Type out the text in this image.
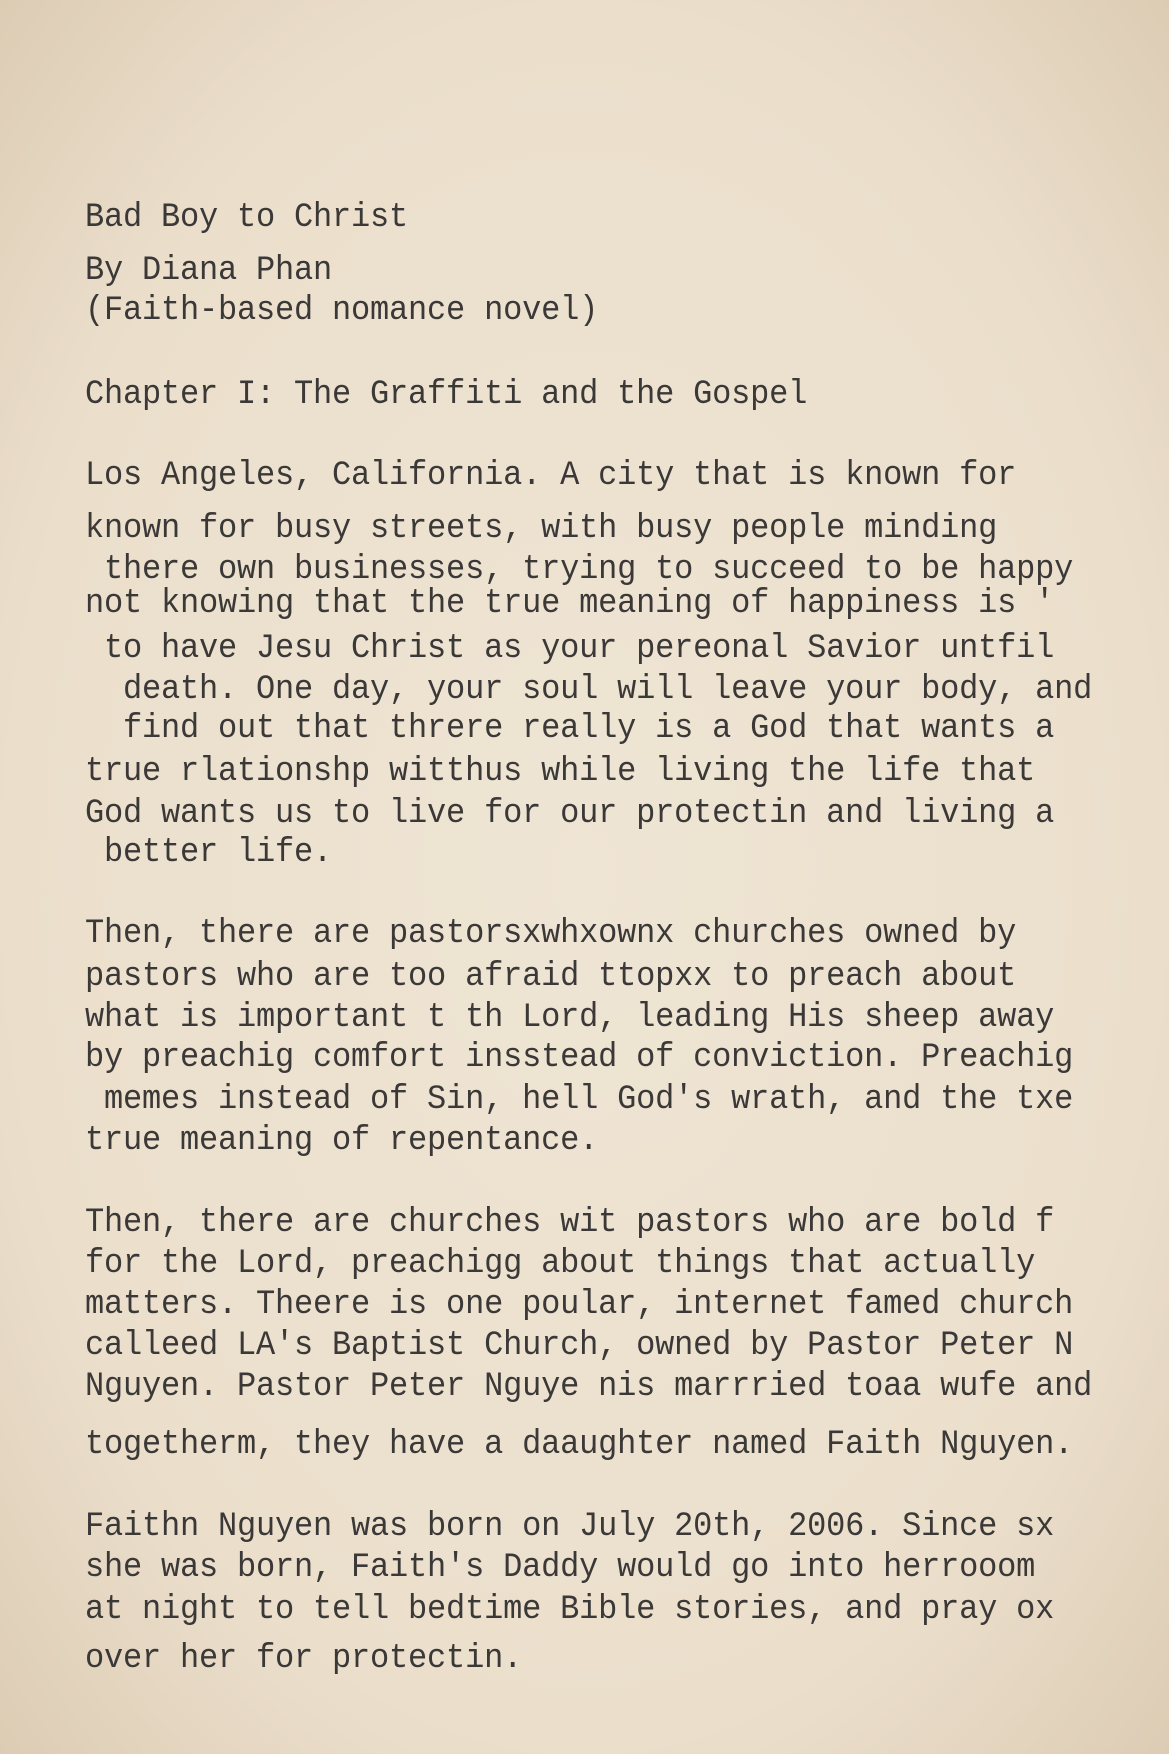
Bad Boy to Christ
By Diana Phan
(Faith-based nomance novel)
Chapter I: The Graffiti and the Gospel
Los Angeles, California. A city that is known for
known for busy streets, with busy people minding
there own businesses, trying to succeed to be happy
not knowing that the true meaning of happiness is '
to have Jesu Christ as your pereonal Savior untfil
death. One day, your soul will leave your body, and
find out that threre really is a God that wants a
true rlationshp witthus while living the life that
God wants us to live for our protectin and living a
better life.
Then, there are pastorsxwhxownx churches owned by
pastors who are too afraid ttopxx to preach about
what is important t th Lord, leading His sheep away
by preachig comfort insstead of conviction. Preachig
memes instead of Sin, hell God's wrath, and the txe
true meaning of repentance.
Then, there are churches wit pastors who are bold f
for the Lord, preachigg about things that actually
matters. Theere is one poular, internet famed church
callеed LA's Baptist Church, owned by Pastor Peter N
Nguyen. Pastor Peter Nguye nis marrried toaa wufe and
togetherm, they have a daaughter named Faith Nguyen.
Faithn Nguyen was born on July 20th, 2006. Since sx
she was born, Faith's Daddy would go into herrooom
at night to tell bedtime Bible stories, and pray ox
over her for protectin.
